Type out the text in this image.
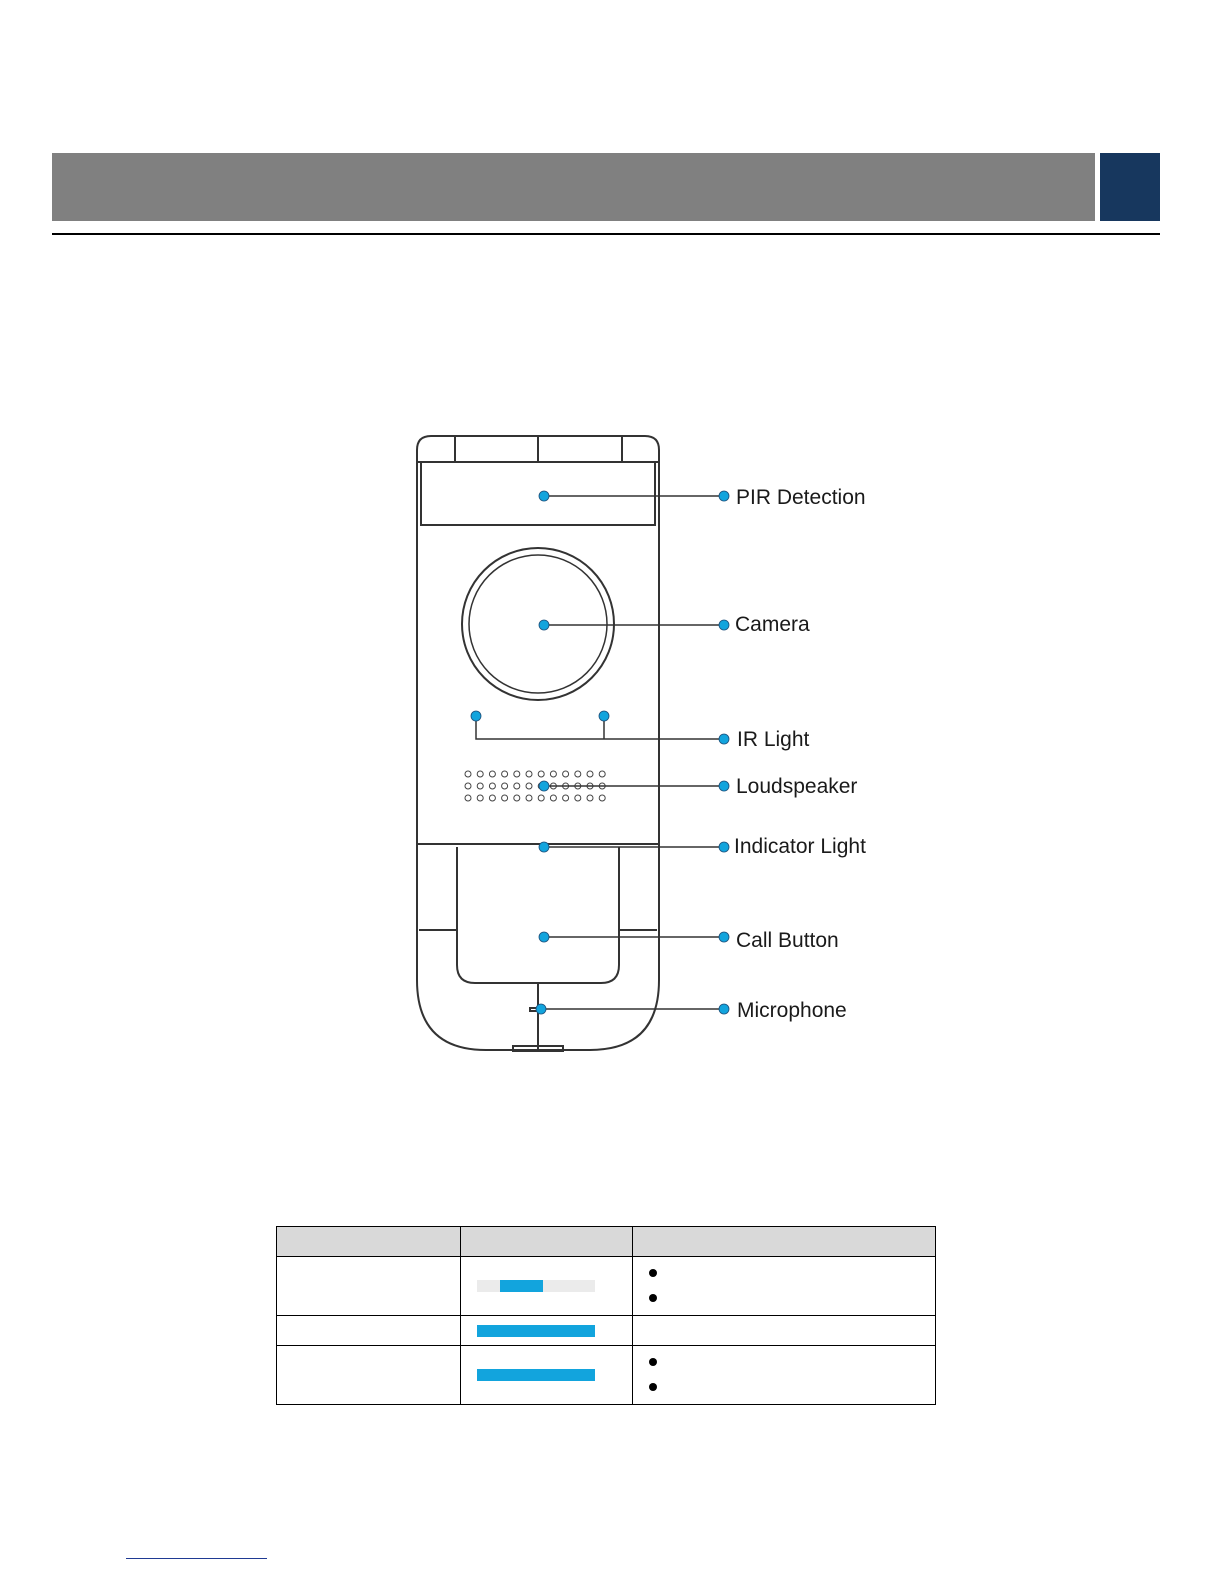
PIR Detection
Camera
IR Light
Loudspeaker
Indicator Light
Call Button
Microphone
